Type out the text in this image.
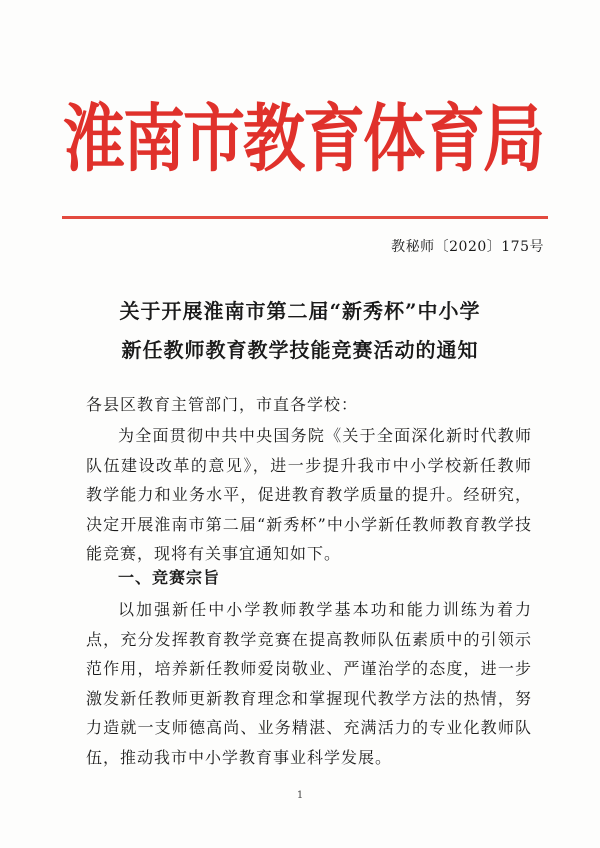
淮南市教育体育局
教秘师〔2020〕175号
关于开展淮南市第二届“新秀杯”中小学
新任教师教育教学技能竞赛活动的通知
各县区教育主管部门，市直各学校：

为全面贯彻中共中央国务院《关于全面深化新时代教师队伍建设改革的意见》，进一步提升我市中小学校新任教师教学能力和业务水平，促进教育教学质量的提升。经研究，决定开展淮南市第二届“新秀杯”中小学新任教师教育教学技能竞赛，现将有关事宜通知如下。

一、竞赛宗旨

以加强新任中小学教师教学基本功和能力训练为着力点，充分发挥教育教学竞赛在提高教师队伍素质中的引领示范作用，培养新任教师爱岗敬业、严谨治学的态度，进一步激发新任教师更新教育理念和掌握现代教学方法的热情，努力造就一支师德高尚、业务精湛、充满活力的专业化教师队伍，推动我市中小学教育事业科学发展。

1
